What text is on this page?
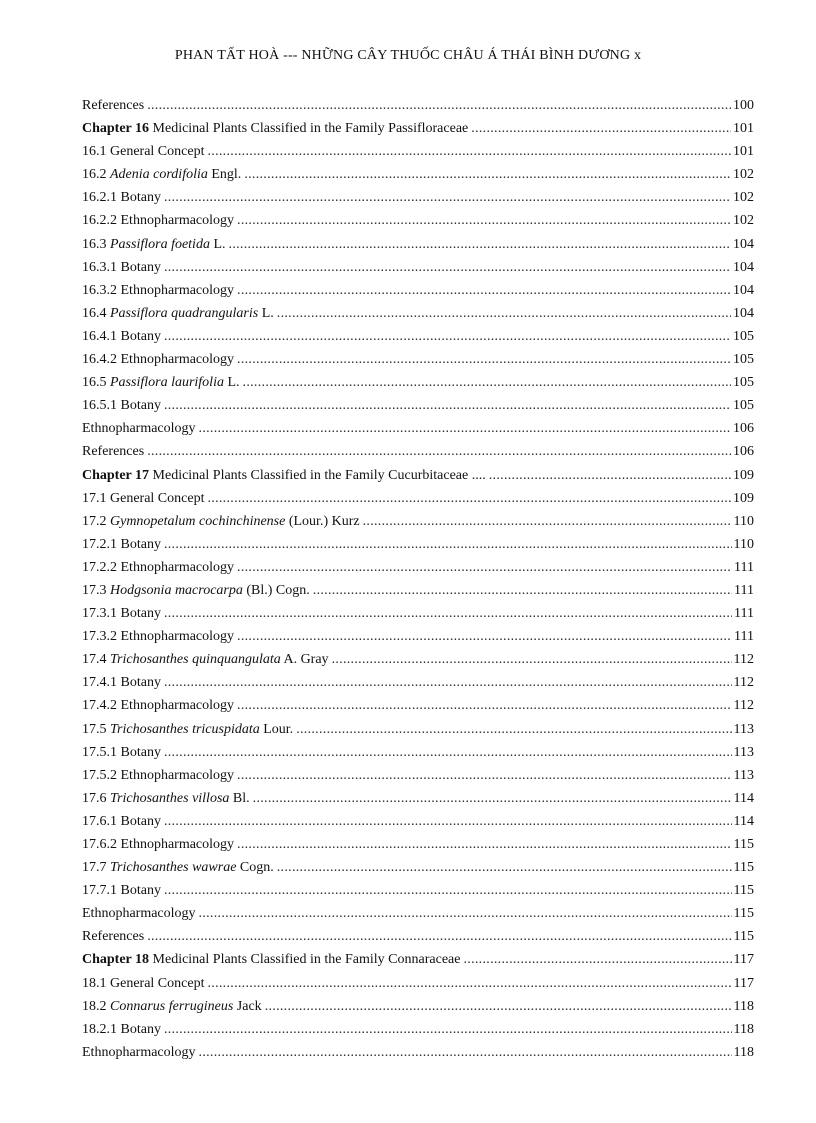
PHAN TẤT HOÀ --- NHỮNG CÂY THUỐC CHÂU Á THÁI BÌNH DƯƠNG x
References .....	100
Chapter 16 Medicinal Plants Classified in the Family Passifloraceae .....	101
16.1 General Concept .....	101
16.2 Adenia cordifolia Engl. .....	102
16.2.1 Botany .....	102
16.2.2 Ethnopharmacology .....	102
16.3 Passiflora foetida L. .....	104
16.3.1 Botany .....	104
16.3.2 Ethnopharmacology .....	104
16.4 Passiflora quadrangularis L. .....	104
16.4.1 Botany .....	105
16.4.2 Ethnopharmacology .....	105
16.5 Passiflora laurifolia L. .....	105
16.5.1 Botany .....	105
Ethnopharmacology .....	106
References .....	106
Chapter 17 Medicinal Plants Classified in the Family Cucurbitaceae .... .....	109
17.1 General Concept .....	109
17.2 Gymnopetalum cochinchinense (Lour.) Kurz .....	110
17.2.1 Botany .....	110
17.2.2 Ethnopharmacology .....	111
17.3 Hodgsonia macrocarpa (Bl.) Cogn. .....	111
17.3.1 Botany .....	111
17.3.2 Ethnopharmacology .....	111
17.4 Trichosanthes quinquangulata A. Gray .....	112
17.4.1 Botany .....	112
17.4.2 Ethnopharmacology .....	112
17.5 Trichosanthes tricuspidata Lour. .....	113
17.5.1 Botany .....	113
17.5.2 Ethnopharmacology .....	113
17.6 Trichosanthes villosa Bl. .....	114
17.6.1 Botany .....	114
17.6.2 Ethnopharmacology .....	115
17.7 Trichosanthes wawrae Cogn. .....	115
17.7.1 Botany .....	115
Ethnopharmacology .....	115
References .....	115
Chapter 18 Medicinal Plants Classified in the Family Connaraceae .....	117
18.1 General Concept .....	117
18.2 Connarus ferrugineus Jack .....	118
18.2.1 Botany .....	118
Ethnopharmacology .....	118
